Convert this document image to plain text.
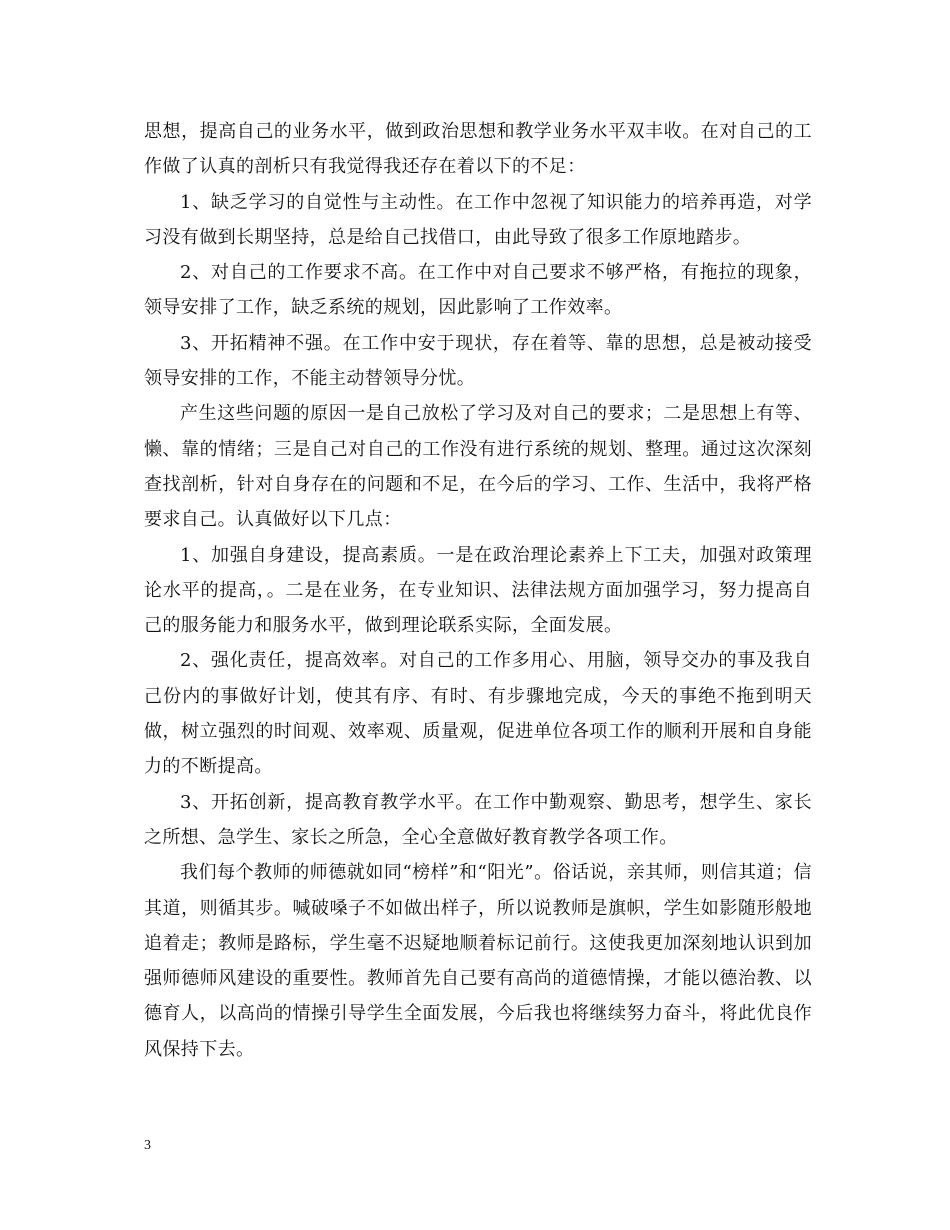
思想，提高自己的业务水平，做到政治思想和教学业务水平双丰收。在对自己的工作做了认真的剖析只有我觉得我还存在着以下的不足：

1、缺乏学习的自觉性与主动性。在工作中忽视了知识能力的培养再造，对学习没有做到长期坚持，总是给自己找借口，由此导致了很多工作原地踏步。

2、对自己的工作要求不高。在工作中对自己要求不够严格，有拖拉的现象，领导安排了工作，缺乏系统的规划，因此影响了工作效率。

3、开拓精神不强。在工作中安于现状，存在着等、靠的思想，总是被动接受领导安排的工作，不能主动替领导分忧。

产生这些问题的原因一是自己放松了学习及对自己的要求；二是思想上有等、懒、靠的情绪；三是自己对自己的工作没有进行系统的规划、整理。通过这次深刻查找剖析，针对自身存在的问题和不足，在今后的学习、工作、生活中，我将严格要求自己。认真做好以下几点：

1、加强自身建设，提高素质。一是在政治理论素养上下工夫，加强对政策理论水平的提高，。二是在业务，在专业知识、法律法规方面加强学习，努力提高自己的服务能力和服务水平，做到理论联系实际，全面发展。

2、强化责任，提高效率。对自己的工作多用心、用脑，领导交办的事及我自己份内的事做好计划，使其有序、有时、有步骤地完成，今天的事绝不拖到明天做，树立强烈的时间观、效率观、质量观，促进单位各项工作的顺利开展和自身能力的不断提高。

3、开拓创新，提高教育教学水平。在工作中勤观察、勤思考，想学生、家长之所想、急学生、家长之所急，全心全意做好教育教学各项工作。

我们每个教师的师德就如同“榜样”和“阳光”。俗话说，亲其师，则信其道；信其道，则循其步。喊破嗓子不如做出样子，所以说教师是旗帜，学生如影随形般地追着走；教师是路标，学生毫不迟疑地顺着标记前行。这使我更加深刻地认识到加强师德师风建设的重要性。教师首先自己要有高尚的道德情操，才能以德治教、以德育人，以高尚的情操引导学生全面发展，今后我也将继续努力奋斗，将此优良作风保持下去。

3
